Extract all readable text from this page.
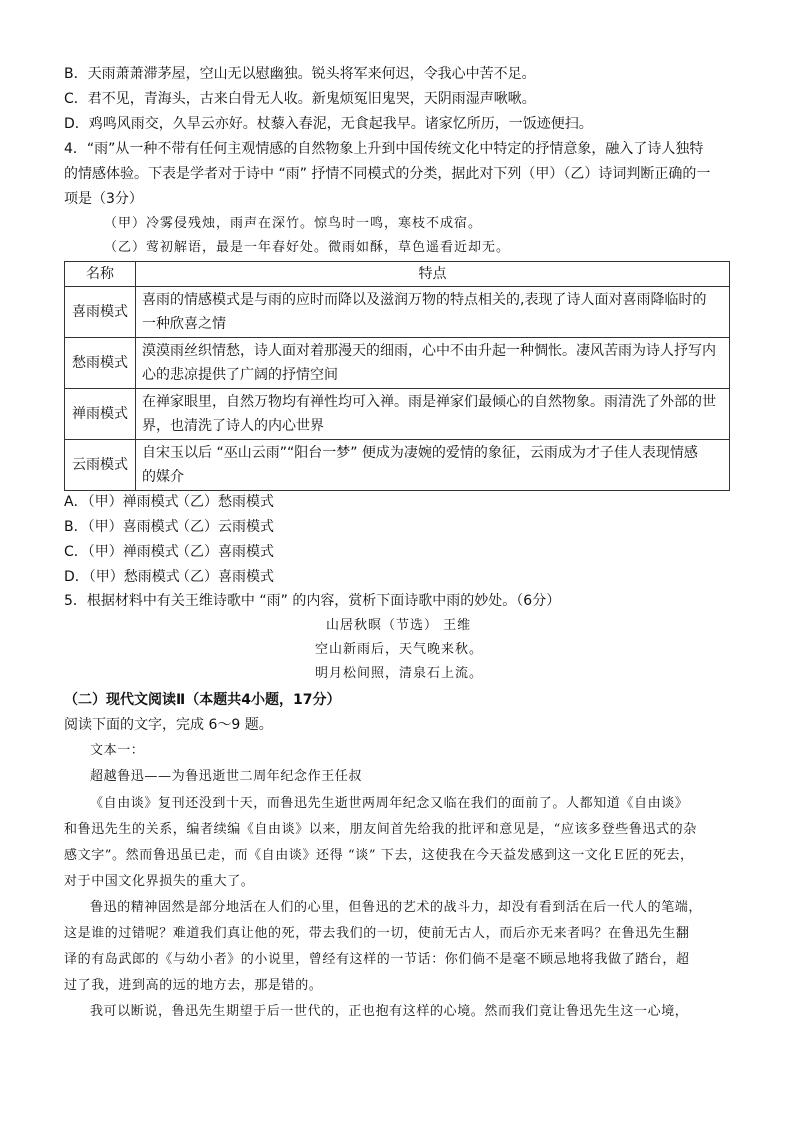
B．天雨萧萧滞茅屋，空山无以慰幽独。锐头将军来何迟，令我心中苦不足。
C．君不见，青海头，古来白骨无人收。新鬼烦冤旧鬼哭，天阴雨湿声啾啾。
D．鸡鸣风雨交，久旱云亦好。杖藜入春泥，无食起我早。诸家忆所历，一饭迹便扫。
4．“雨”从一种不带有任何主观情感的自然物象上升到中国传统文化中特定的抒情意象，融入了诗人独特
的情感体验。下表是学者对于诗中 “雨” 抒情不同模式的分类，据此对下列（甲）（乙）诗词判断正确的一
项是（3分）
（甲）冷雾侵残烛，雨声在深竹。惊鸟时一鸣，寒枝不成宿。
（乙）莺初解语，最是一年春好处。微雨如酥，草色遥看近却无。
名称	特点
喜雨模式	喜雨的情感模式是与雨的应时而降以及滋润万物的特点相关的,表现了诗人面对喜雨降临时的
一种欣喜之情

愁雨模式	漠漠雨丝织情愁，诗人面对着那漫天的细雨，心中不由升起一种惆怅。凄风苦雨为诗人抒写内
心的悲凉提供了广阔的抒情空间

禅雨模式	在禅家眼里，自然万物均有禅性均可入禅。雨是禅家们最倾心的自然物象。雨清洗了外部的世
界，也清洗了诗人的内心世界

云雨模式	自宋玉以后 “巫山云雨”“阳台一梦” 便成为凄婉的爱情的象征，云雨成为才子佳人表现情感
的媒介
A．（甲）禅雨模式（乙）愁雨模式
B．（甲）喜雨模式（乙）云雨模式
C．（甲）禅雨模式（乙）喜雨模式
D．（甲）愁雨模式（乙）喜雨模式
5．根据材料中有关王维诗歌中 “雨” 的内容，赏析下面诗歌中雨的妙处。（6分）
山居秋暝（节选） 王维
空山新雨后，天气晚来秋。
明月松间照，清泉石上流。
（二）现代文阅读Ⅱ（本题共4小题，17分）
阅读下面的文字，完成 6～9 题。
文本一：
超越鲁迅——为鲁迅逝世二周年纪念作王任叔
《自由谈》复刊还没到十天，而鲁迅先生逝世两周年纪念又临在我们的面前了。人都知道《自由谈》
和鲁迅先生的关系，编者续编《自由谈》以来，朋友间首先给我的批评和意见是，“应该多登些鲁迅式的杂
感文字”。然而鲁迅虽已走，而《自由谈》还得 “谈” 下去，这使我在今天益发感到这一文化Ｅ匠的死去，
对于中国文化界损失的重大了。
鲁迅的精神固然是部分地活在人们的心里，但鲁迅的艺术的战斗力，却没有看到活在后一代人的笔端，
这是谁的过错呢？难道我们真让他的死，带去我们的一切，使前无古人，而后亦无来者吗？在鲁迅先生翻
译的有岛武郎的《与幼小者》的小说里，曾经有这样的一节话：你们倘不是毫不顾忌地将我做了踏台，超
过了我，进到高的远的地方去，那是错的。
我可以断说，鲁迅先生期望于后一世代的，正也抱有这样的心境。然而我们竟让鲁迅先生这一心境，
